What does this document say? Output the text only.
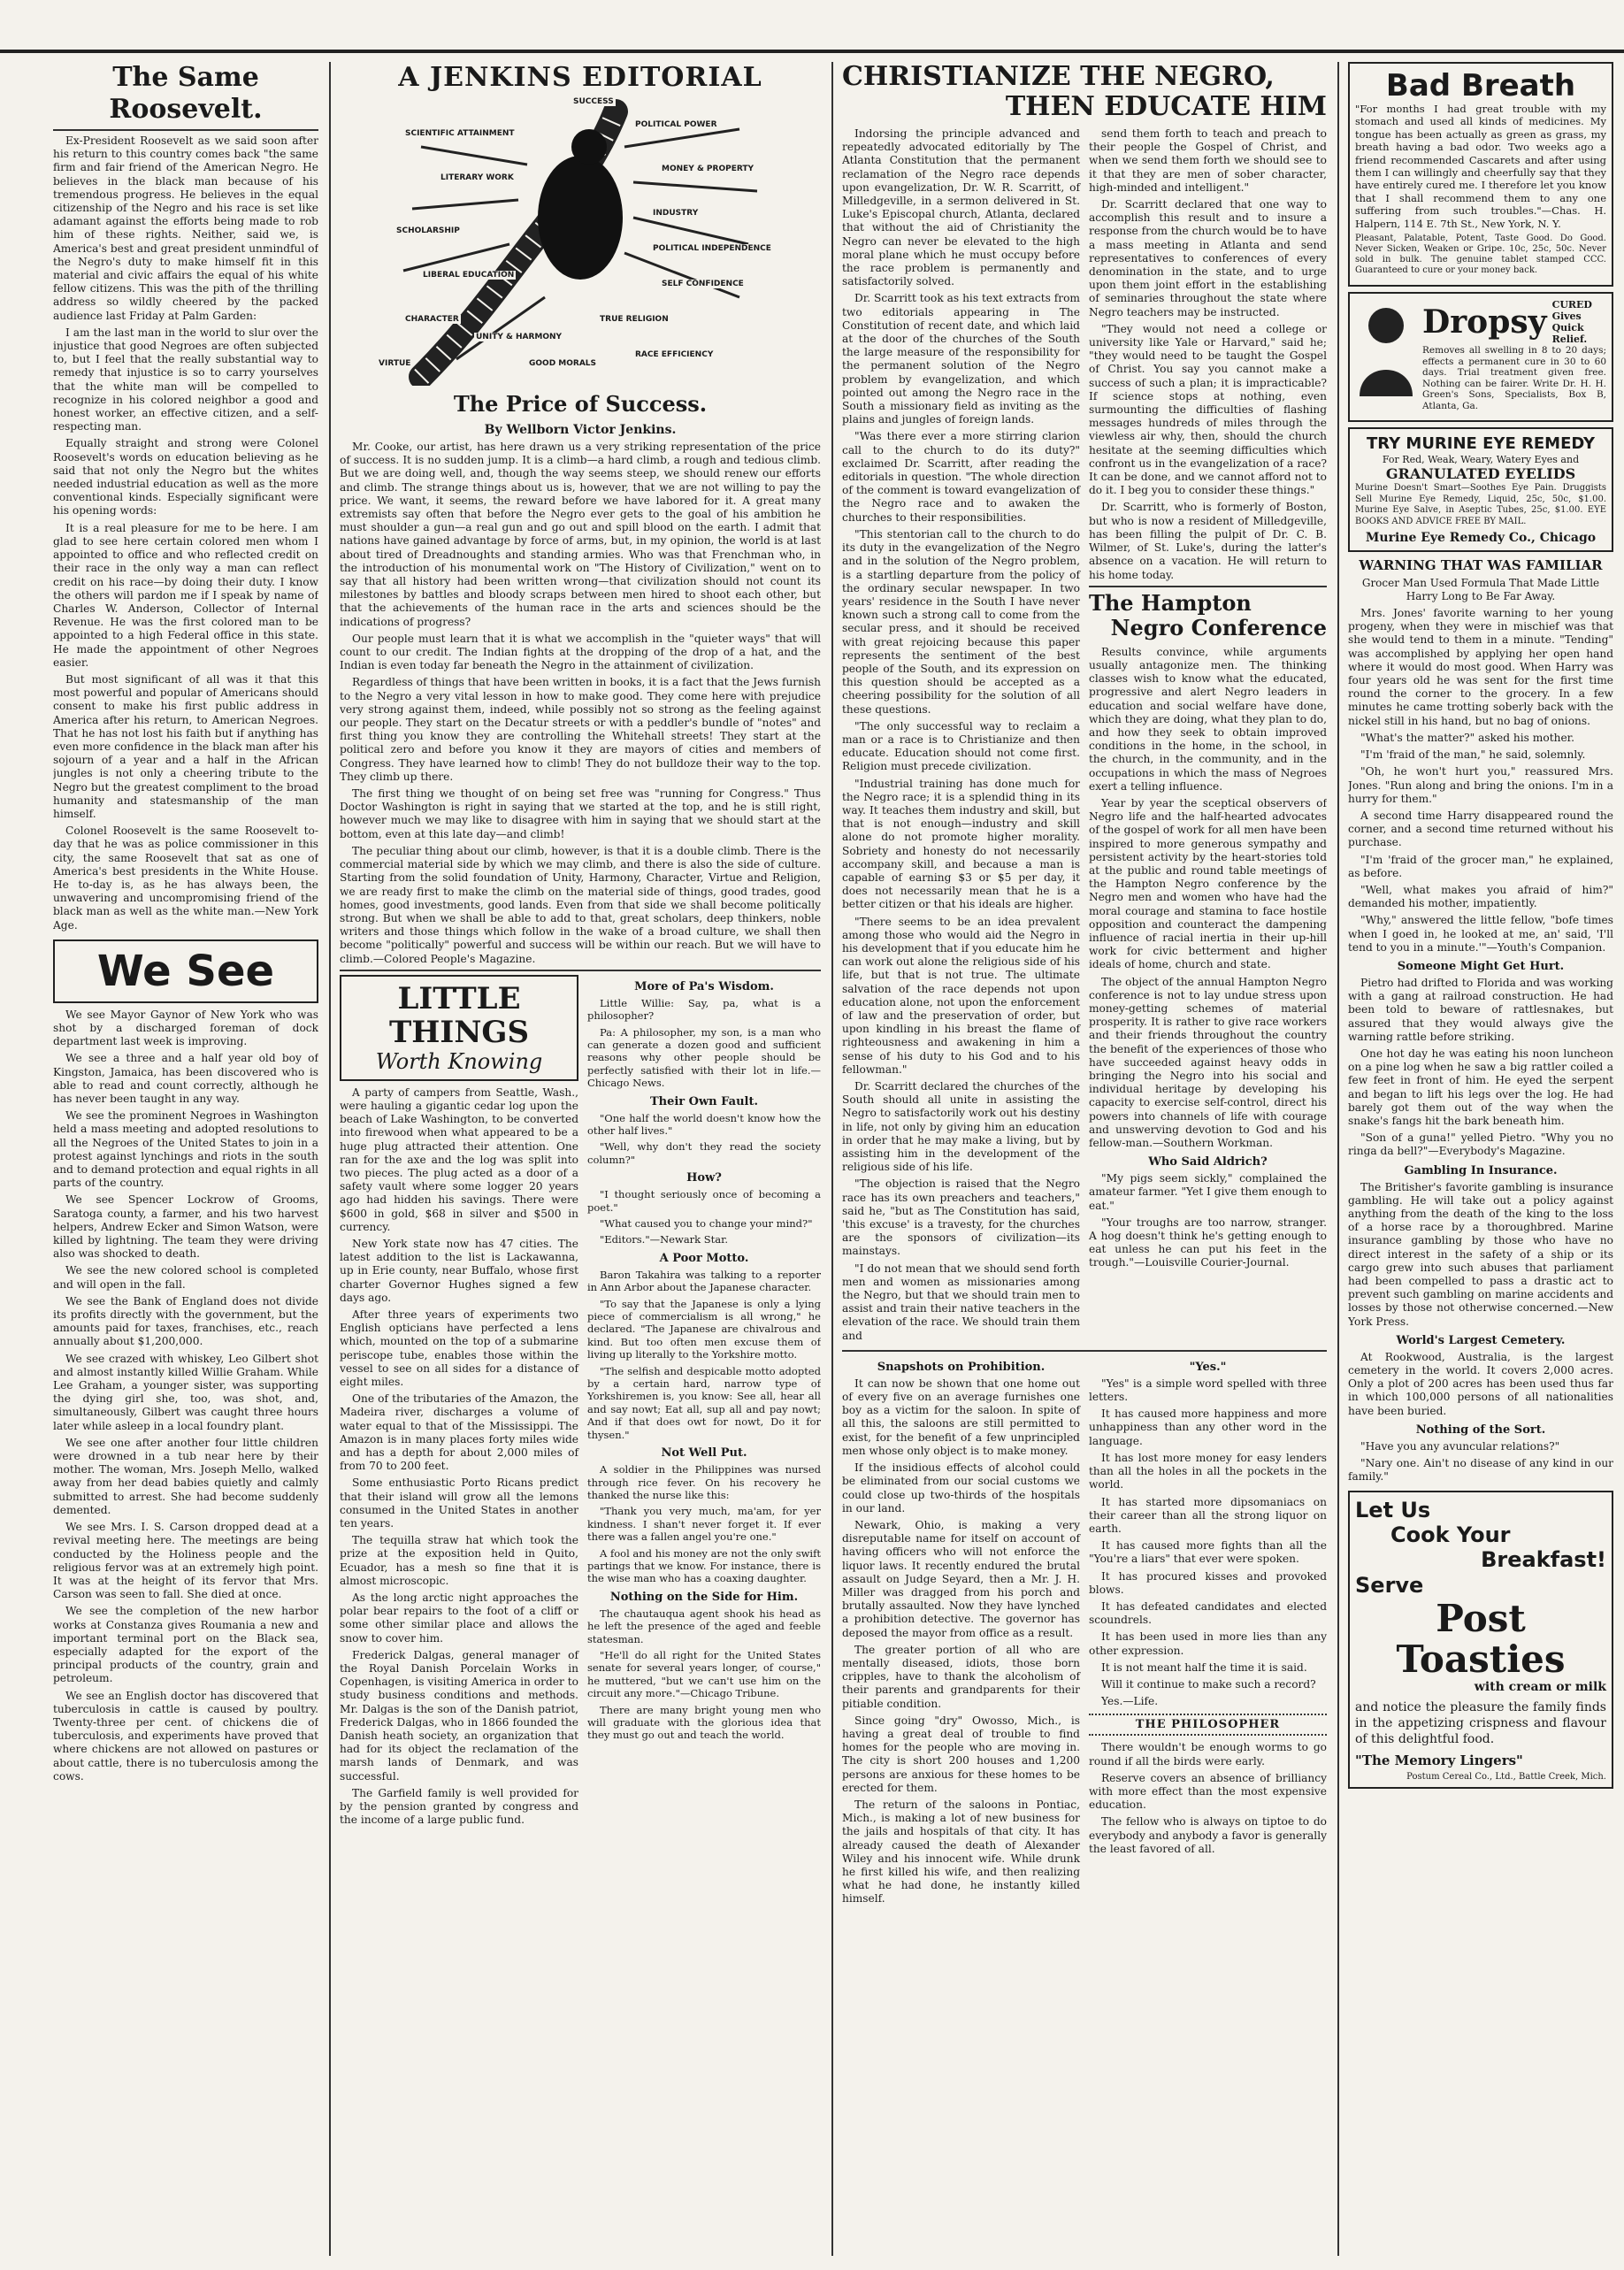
The Same Roosevelt.

Ex-President Roosevelt as we said soon after his return to this country comes back "the same firm and fair friend of the American Negro. He believes in the black man because of his tremendous progress. He believes in the equal citizenship of the Negro and his race is set like adamant against the efforts being made to rob him of these rights. Neither, said we, is America's best and great president unmindful of the Negro's duty to make himself fit in this material and civic affairs the equal of his white fellow citizens. This was the pith of the thrilling address so wildly cheered by the packed audience last Friday at Palm Garden:

I am the last man in the world to slur over the injustice that good Negroes are often subjected to, but I feel that the really substantial way to remedy that injustice is so to carry yourselves that the white man will be compelled to recognize in his colored neighbor a good and honest worker, an effective citizen, and a self-respecting man.

Equally straight and strong were Colonel Roosevelt's words on education believing as he said that not only the Negro but the whites needed industrial education as well as the more conventional kinds. Especially significant were his opening words:

It is a real pleasure for me to be here. I am glad to see here certain colored men whom I appointed to office and who reflected credit on their race in the only way a man can reflect credit on his race—by doing their duty. I know the others will pardon me if I speak by name of Charles W. Anderson, Collector of Internal Revenue. He was the first colored man to be appointed to a high Federal office in this state. He made the appointment of other Negroes easier.

But most significant of all was it that this most powerful and popular of Americans should consent to make his first public address in America after his return, to American Negroes. That he has not lost his faith but if anything has even more confidence in the black man after his sojourn of a year and a half in the African jungles is not only a cheering tribute to the Negro but the greatest compliment to the broad humanity and statesmanship of the man himself.

Colonel Roosevelt is the same Roosevelt to-day that he was as police commissioner in this city, the same Roosevelt that sat as one of America's best presidents in the White House. He to-day is, as he has always been, the unwavering and uncompromising friend of the black man as well as the white man.—New York Age.

We See

We see Mayor Gaynor of New York who was shot by a discharged foreman of dock department last week is improving.

We see a three and a half year old boy of Kingston, Jamaica, has been discovered who is able to read and count correctly, although he has never been taught in any way.

We see the prominent Negroes in Washington held a mass meeting and adopted resolutions to all the Negroes of the United States to join in a protest against lynchings and riots in the south and to demand protection and equal rights in all parts of the country.

We see Spencer Lockrow of Grooms, Saratoga county, a farmer, and his two harvest helpers, Andrew Ecker and Simon Watson, were killed by lightning. The team they were driving also was shocked to death.

We see the new colored school is completed and will open in the fall.

We see the Bank of England does not divide its profits directly with the government, but the amounts paid for taxes, franchises, etc., reach annually about $1,200,000.

We see crazed with whiskey, Leo Gilbert shot and almost instantly killed Willie Graham. While Lee Graham, a younger sister, was supporting the dying girl she, too, was shot, and, simultaneously, Gilbert was caught three hours later while asleep in a local foundry plant.

We see one after another four little children were drowned in a tub near here by their mother. The woman, Mrs. Joseph Mello, walked away from her dead babies quietly and calmly submitted to arrest. She had become suddenly demented.

We see Mrs. I. S. Carson dropped dead at a revival meeting here. The meetings are being conducted by the Holiness people and the religious fervor was at an extremely high point. It was at the height of its fervor that Mrs. Carson was seen to fall. She died at once.

We see the completion of the new harbor works at Constanza gives Roumania a new and important terminal port on the Black sea, especially adapted for the export of the principal products of the country, grain and petroleum.

We see an English doctor has discovered that tuberculosis in cattle is caused by poultry. Twenty-three per cent. of chickens die of tuberculosis, and experiments have proved that where chickens are not allowed on pastures or about cattle, there is no tuberculosis among the cows.

A JENKINS EDITORIAL
SUCCESS
SCIENTIFIC ATTAINMENT
POLITICAL POWER
MONEY & PROPERTY
LITERARY WORK
INDUSTRY
SCHOLARSHIP
POLITICAL INDEPENDENCE
SELF CONFIDENCE
LIBERAL EDUCATION
TRUE RELIGION
RACE EFFICIENCY
UNITY & HARMONY
CHARACTER
GOOD MORALS
VIRTUE
The Price of Success.
By Wellborn Victor Jenkins.

Mr. Cooke, our artist, has here drawn us a very striking representation of the price of success. It is no sudden jump. It is a climb—a hard climb, a rough and tedious climb. But we are doing well, and, though the way seems steep, we should renew our efforts and climb. The strange things about us is, however, that we are not willing to pay the price. We want, it seems, the reward before we have labored for it. A great many extremists say often that before the Negro ever gets to the goal of his ambition he must shoulder a gun—a real gun and go out and spill blood on the earth. I admit that nations have gained advantage by force of arms, but, in my opinion, the world is at last about tired of Dreadnoughts and standing armies. Who was that Frenchman who, in the introduction of his monumental work on "The History of Civilization," went on to say that all history had been written wrong—that civilization should not count its milestones by battles and bloody scraps between men hired to shoot each other, but that the achievements of the human race in the arts and sciences should be the indications of progress?

Our people must learn that it is what we accomplish in the "quieter ways" that will count to our credit. The Indian fights at the dropping of the drop of a hat, and the Indian is even today far beneath the Negro in the attainment of civilization.

Regardless of things that have been written in books, it is a fact that the Jews furnish to the Negro a very vital lesson in how to make good. They come here with prejudice very strong against them, indeed, while possibly not so strong as the feeling against our people. They start on the Decatur streets or with a peddler's bundle of "notes" and first thing you know they are controlling the Whitehall streets! They start at the political zero and before you know it they are mayors of cities and members of Congress. They have learned how to climb! They do not bulldoze their way to the top. They climb up there.

The first thing we thought of on being set free was "running for Congress." Thus Doctor Washington is right in saying that we started at the top, and he is still right, however much we may like to disagree with him in saying that we should start at the bottom, even at this late day—and climb!

The peculiar thing about our climb, however, is that it is a double climb. There is the commercial material side by which we may climb, and there is also the side of culture. Starting from the solid foundation of Unity, Harmony, Character, Virtue and Religion, we are ready first to make the climb on the material side of things, good trades, good homes, good investments, good lands. Even from that side we shall become politically strong. But when we shall be able to add to that, great scholars, deep thinkers, noble writers and those things which follow in the wake of a broad culture, we shall then become "politically" powerful and success will be within our reach. But we will have to climb.—Colored People's Magazine.

LITTLE THINGS
Worth Knowing

A party of campers from Seattle, Wash., were hauling a gigantic cedar log upon the beach of Lake Washington, to be converted into firewood when what appeared to be a huge plug attracted their attention. One ran for the axe and the log was split into two pieces. The plug acted as a door of a safety vault where some logger 20 years ago had hidden his savings. There were $600 in gold, $68 in silver and $500 in currency.

New York state now has 47 cities. The latest addition to the list is Lackawanna, up in Erie county, near Buffalo, whose first charter Governor Hughes signed a few days ago.

After three years of experiments two English opticians have perfected a lens which, mounted on the top of a submarine periscope tube, enables those within the vessel to see on all sides for a distance of eight miles.

One of the tributaries of the Amazon, the Madeira river, discharges a volume of water equal to that of the Mississippi. The Amazon is in many places forty miles wide and has a depth for about 2,000 miles of from 70 to 200 feet.

Some enthusiastic Porto Ricans predict that their island will grow all the lemons consumed in the United States in another ten years.

The tequilla straw hat which took the prize at the exposition held in Quito, Ecuador, has a mesh so fine that it is almost microscopic.

As the long arctic night approaches the polar bear repairs to the foot of a cliff or some other similar place and allows the snow to cover him.

Frederick Dalgas, general manager of the Royal Danish Porcelain Works in Copenhagen, is visiting America in order to study business conditions and methods. Mr. Dalgas is the son of the Danish patriot, Frederick Dalgas, who in 1866 founded the Danish heath society, an organization that had for its object the reclamation of the marsh lands of Denmark, and was successful.

The Garfield family is well provided for by the pension granted by congress and the income of a large public fund.

More of Pa's Wisdom.

Little Willie: Say, pa, what is a philosopher?

Pa: A philosopher, my son, is a man who can generate a dozen good and sufficient reasons why other people should be perfectly satisfied with their lot in life.—Chicago News.

Their Own Fault.

"One half the world doesn't know how the other half lives."

"Well, why don't they read the society column?"

How?

"I thought seriously once of becoming a poet."

"What caused you to change your mind?"

"Editors."—Newark Star.

A Poor Motto.

Baron Takahira was talking to a reporter in Ann Arbor about the Japanese character.

"To say that the Japanese is only a lying piece of commercialism is all wrong," he declared. "The Japanese are chivalrous and kind. But too often men excuse them of living up literally to the Yorkshire motto.

"The selfish and despicable motto adopted by a certain hard, narrow type of Yorkshiremen is, you know: See all, hear all and say nowt; Eat all, sup all and pay nowt; And if that does owt for nowt, Do it for thysen."

Not Well Put.

A soldier in the Philippines was nursed through rice fever. On his recovery he thanked the nurse like this:

"Thank you very much, ma'am, for yer kindness. I shan't never forget it. If ever there was a fallen angel you're one."

A fool and his money are not the only swift partings that we know. For instance, there is the wise man who has a coaxing daughter.

Nothing on the Side for Him.

The chautauqua agent shook his head as he left the presence of the aged and feeble statesman.

"He'll do all right for the United States senate for several years longer, of course," he muttered, "but we can't use him on the circuit any more."—Chicago Tribune.

There are many bright young men who will graduate with the glorious idea that they must go out and teach the world.

CHRISTIANIZE THE NEGRO,
THEN EDUCATE HIM

Indorsing the principle advanced and repeatedly advocated editorially by The Atlanta Constitution that the permanent reclamation of the Negro race depends upon evangelization, Dr. W. R. Scarritt, of Milledgeville, in a sermon delivered in St. Luke's Episcopal church, Atlanta, declared that without the aid of Christianity the Negro can never be elevated to the high moral plane which he must occupy before the race problem is permanently and satisfactorily solved.

Dr. Scarritt took as his text extracts from two editorials appearing in The Constitution of recent date, and which laid at the door of the churches of the South the large measure of the responsibility for the permanent solution of the Negro problem by evangelization, and which pointed out among the Negro race in the South a missionary field as inviting as the plains and jungles of foreign lands.

"Was there ever a more stirring clarion call to the church to do its duty?" exclaimed Dr. Scarritt, after reading the editorials in question. "The whole direction of the comment is toward evangelization of the Negro race and to awaken the churches to their responsibilities.

"This stentorian call to the church to do its duty in the evangelization of the Negro and in the solution of the Negro problem, is a startling departure from the policy of the ordinary secular newspaper. In two years' residence in the South I have never known such a strong call to come from the secular press, and it should be received with great rejoicing because this paper represents the sentiment of the best people of the South, and its expression on this question should be accepted as a cheering possibility for the solution of all these questions.

"The only successful way to reclaim a man or a race is to Christianize and then educate. Education should not come first. Religion must precede civilization.

"Industrial training has done much for the Negro race; it is a splendid thing in its way. It teaches them industry and skill, but that is not enough—industry and skill alone do not promote higher morality. Sobriety and honesty do not necessarily accompany skill, and because a man is capable of earning $3 or $5 per day, it does not necessarily mean that he is a better citizen or that his ideals are higher.

"There seems to be an idea prevalent among those who would aid the Negro in his development that if you educate him he can work out alone the religious side of his life, but that is not true. The ultimate salvation of the race depends not upon education alone, not upon the enforcement of law and the preservation of order, but upon kindling in his breast the flame of righteousness and awakening in him a sense of his duty to his God and to his fellowman."

Dr. Scarritt declared the churches of the South should all unite in assisting the Negro to satisfactorily work out his destiny in life, not only by giving him an education in order that he may make a living, but by assisting him in the development of the religious side of his life.

"The objection is raised that the Negro race has its own preachers and teachers," said he, "but as The Constitution has said, 'this excuse' is a travesty, for the churches are the sponsors of civilization—its mainstays.

"I do not mean that we should send forth men and women as missionaries among the Negro, but that we should train men to assist and train their native teachers in the elevation of the race. We should train them and

send them forth to teach and preach to their people the Gospel of Christ, and when we send them forth we should see to it that they are men of sober character, high-minded and intelligent."

Dr. Scarritt declared that one way to accomplish this result and to insure a response from the church would be to have a mass meeting in Atlanta and send representatives to conferences of every denomination in the state, and to urge upon them joint effort in the establishing of seminaries throughout the state where Negro teachers may be instructed.

"They would not need a college or university like Yale or Harvard," said he; "they would need to be taught the Gospel of Christ. You say you cannot make a success of such a plan; it is impracticable? If science stops at nothing, even surmounting the difficulties of flashing messages hundreds of miles through the viewless air why, then, should the church hesitate at the seeming difficulties which confront us in the evangelization of a race? It can be done, and we cannot afford not to do it. I beg you to consider these things."

Dr. Scarritt, who is formerly of Boston, but who is now a resident of Milledgeville, has been filling the pulpit of Dr. C. B. Wilmer, of St. Luke's, during the latter's absence on a vacation. He will return to his home today.

The Hampton
Negro Conference

Results convince, while arguments usually antagonize men. The thinking classes wish to know what the educated, progressive and alert Negro leaders in education and social welfare have done, which they are doing, what they plan to do, and how they seek to obtain improved conditions in the home, in the school, in the church, in the community, and in the occupations in which the mass of Negroes exert a telling influence.

Year by year the sceptical observers of Negro life and the half-hearted advocates of the gospel of work for all men have been inspired to more generous sympathy and persistent activity by the heart-stories told at the public and round table meetings of the Hampton Negro conference by the Negro men and women who have had the moral courage and stamina to face hostile opposition and counteract the dampening influence of racial inertia in their up-hill work for civic betterment and higher ideals of home, church and state.

The object of the annual Hampton Negro conference is not to lay undue stress upon money-getting schemes of material prosperity. It is rather to give race workers and their friends throughout the country the benefit of the experiences of those who have succeeded against heavy odds in bringing the Negro into his social and individual heritage by developing his capacity to exercise self-control, direct his powers into channels of life with courage and unswerving devotion to God and his fellow-man.—Southern Workman.

Who Said Aldrich?

"My pigs seem sickly," complained the amateur farmer. "Yet I give them enough to eat."

"Your troughs are too narrow, stranger. A hog doesn't think he's getting enough to eat unless he can put his feet in the trough."—Louisville Courier-Journal.

Snapshots on Prohibition.

It can now be shown that one home out of every five on an average furnishes one boy as a victim for the saloon. In spite of all this, the saloons are still permitted to exist, for the benefit of a few unprincipled men whose only object is to make money.

If the insidious effects of alcohol could be eliminated from our social customs we could close up two-thirds of the hospitals in our land.

Newark, Ohio, is making a very disreputable name for itself on account of having officers who will not enforce the liquor laws. It recently endured the brutal assault on Judge Seyard, then a Mr. J. H. Miller was dragged from his porch and brutally assaulted. Now they have lynched a prohibition detective. The governor has deposed the mayor from office as a result.

The greater portion of all who are mentally diseased, idiots, those born cripples, have to thank the alcoholism of their parents and grandparents for their pitiable condition.

Since going "dry" Owosso, Mich., is having a great deal of trouble to find homes for the people who are moving in. The city is short 200 houses and 1,200 persons are anxious for these homes to be erected for them.

The return of the saloons in Pontiac, Mich., is making a lot of new business for the jails and hospitals of that city. It has already caused the death of Alexander Wiley and his innocent wife. While drunk he first killed his wife, and then realizing what he had done, he instantly killed himself.

"Yes."

"Yes" is a simple word spelled with three letters.

It has caused more happiness and more unhappiness than any other word in the language.

It has lost more money for easy lenders than all the holes in all the pockets in the world.

It has started more dipsomaniacs on their career than all the strong liquor on earth.

It has caused more fights than all the "You're a liars" that ever were spoken.

It has procured kisses and provoked blows.

It has defeated candidates and elected scoundrels.

It has been used in more lies than any other expression.

It is not meant half the time it is said.

Will it continue to make such a record?

Yes.—Life.

THE PHILOSOPHER

There wouldn't be enough worms to go round if all the birds were early.

Reserve covers an absence of brilliancy with more effect than the most expensive education.

The fellow who is always on tiptoe to do everybody and anybody a favor is generally the least favored of all.

Bad Breath

"For months I had great trouble with my stomach and used all kinds of medicines. My tongue has been actually as green as grass, my breath having a bad odor. Two weeks ago a friend recommended Cascarets and after using them I can willingly and cheerfully say that they have entirely cured me. I therefore let you know that I shall recommend them to any one suffering from such troubles."—Chas. H. Halpern, 114 E. 7th St., New York, N. Y.

Pleasant, Palatable, Potent, Taste Good. Do Good. Never Sicken, Weaken or Gripe. 10c, 25c, 50c. Never sold in bulk. The genuine tablet stamped CCC. Guaranteed to cure or your money back.

Dropsy CURED Gives Quick Relief.

Removes all swelling in 8 to 20 days; effects a permanent cure in 30 to 60 days. Trial treatment given free. Nothing can be fairer. Write Dr. H. H. Green's Sons, Specialists, Box B, Atlanta, Ga.

TRY MURINE EYE REMEDY
For Red, Weak, Weary, Watery Eyes and
GRANULATED EYELIDS

Murine Doesn't Smart—Soothes Eye Pain. Druggists Sell Murine Eye Remedy, Liquid, 25c, 50c, $1.00. Murine Eye Salve, in Aseptic Tubes, 25c, $1.00. EYE BOOKS AND ADVICE FREE BY MAIL.

Murine Eye Remedy Co., Chicago
WARNING THAT WAS FAMILIAR
Grocer Man Used Formula That Made Little Harry Long to Be Far Away.

Mrs. Jones' favorite warning to her young progeny, when they were in mischief was that she would tend to them in a minute. "Tending" was accomplished by applying her open hand where it would do most good. When Harry was four years old he was sent for the first time round the corner to the grocery. In a few minutes he came trotting soberly back with the nickel still in his hand, but no bag of onions.

"What's the matter?" asked his mother.

"I'm 'fraid of the man," he said, solemnly.

"Oh, he won't hurt you," reassured Mrs. Jones. "Run along and bring the onions. I'm in a hurry for them."

A second time Harry disappeared round the corner, and a second time returned without his purchase.

"I'm 'fraid of the grocer man," he explained, as before.

"Well, what makes you afraid of him?" demanded his mother, impatiently.

"Why," answered the little fellow, "bofe times when I goed in, he looked at me, an' said, 'I'll tend to you in a minute.'"—Youth's Companion.

Someone Might Get Hurt.

Pietro had drifted to Florida and was working with a gang at railroad construction. He had been told to beware of rattlesnakes, but assured that they would always give the warning rattle before striking.

One hot day he was eating his noon luncheon on a pine log when he saw a big rattler coiled a few feet in front of him. He eyed the serpent and began to lift his legs over the log. He had barely got them out of the way when the snake's fangs hit the bark beneath him.

"Son of a guna!" yelled Pietro. "Why you no ringa da bell?"—Everybody's Magazine.

Gambling In Insurance.

The Britisher's favorite gambling is insurance gambling. He will take out a policy against anything from the death of the king to the loss of a horse race by a thoroughbred. Marine insurance gambling by those who have no direct interest in the safety of a ship or its cargo grew into such abuses that parliament had been compelled to pass a drastic act to prevent such gambling on marine accidents and losses by those not otherwise concerned.—New York Press.

World's Largest Cemetery.

At Rookwood, Australia, is the largest cemetery in the world. It covers 2,000 acres. Only a plot of 200 acres has been used thus far in which 100,000 persons of all nationalities have been buried.

Nothing of the Sort.

"Have you any avuncular relations?"

"Nary one. Ain't no disease of any kind in our family."

Let Us
Cook Your
Breakfast!
Serve
Post
Toasties
with cream or milk

and notice the pleasure the family finds in the appetizing crispness and flavour of this delightful food.

"The Memory Lingers"
Postum Cereal Co., Ltd., Battle Creek, Mich.
